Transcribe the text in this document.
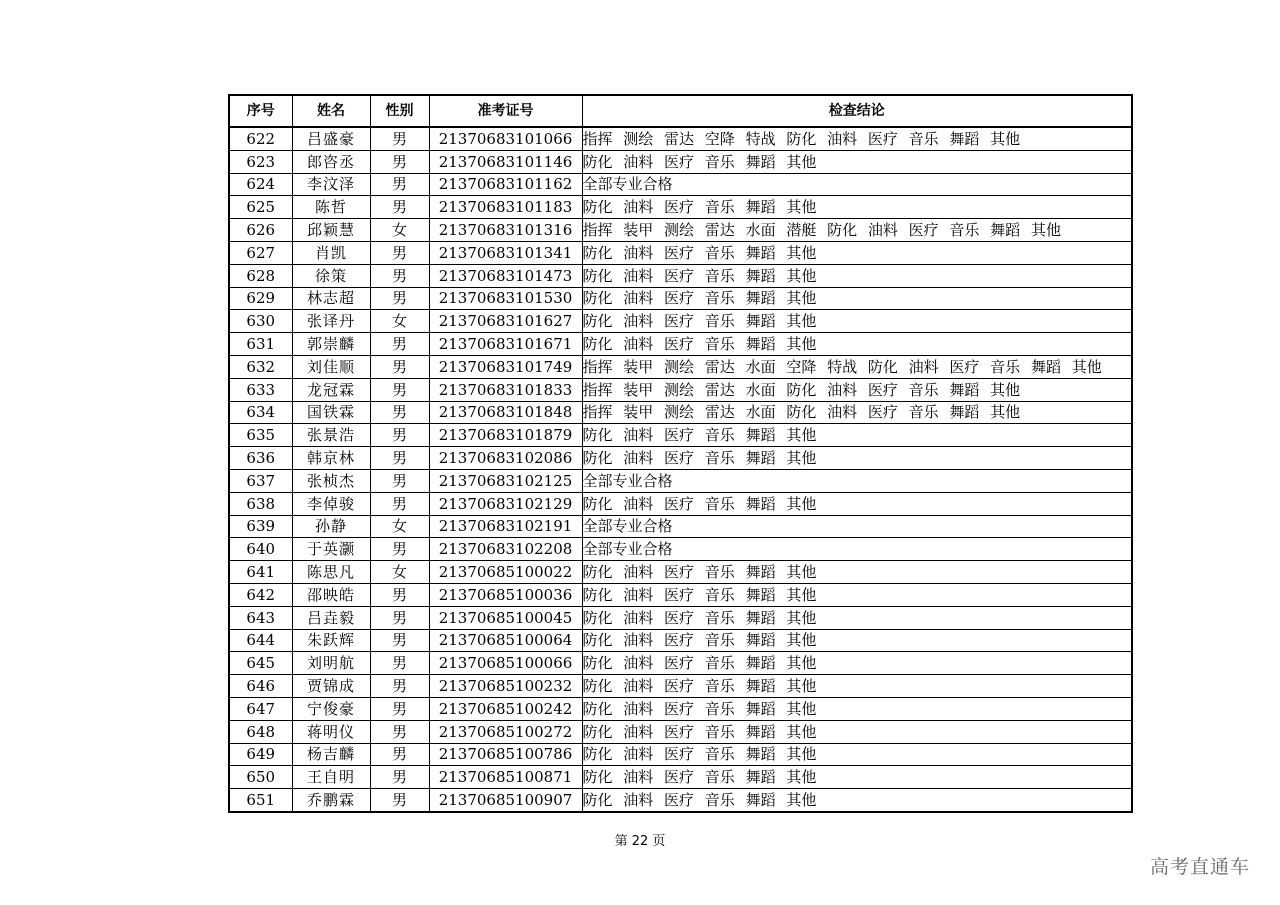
序号	姓名	性别	准考证号	检查结论
622	吕盛豪	男	21370683101066	指挥 测绘 雷达 空降 特战 防化 油料 医疗 音乐 舞蹈 其他
623	郎咨丞	男	21370683101146	防化 油料 医疗 音乐 舞蹈 其他
624	李汶泽	男	21370683101162	全部专业合格
625	陈哲	男	21370683101183	防化 油料 医疗 音乐 舞蹈 其他
626	邱颖慧	女	21370683101316	指挥 装甲 测绘 雷达 水面 潜艇 防化 油料 医疗 音乐 舞蹈 其他
627	肖凯	男	21370683101341	防化 油料 医疗 音乐 舞蹈 其他
628	徐策	男	21370683101473	防化 油料 医疗 音乐 舞蹈 其他
629	林志超	男	21370683101530	防化 油料 医疗 音乐 舞蹈 其他
630	张译丹	女	21370683101627	防化 油料 医疗 音乐 舞蹈 其他
631	郭崇麟	男	21370683101671	防化 油料 医疗 音乐 舞蹈 其他
632	刘佳顺	男	21370683101749	指挥 装甲 测绘 雷达 水面 空降 特战 防化 油料 医疗 音乐 舞蹈 其他
633	龙冠霖	男	21370683101833	指挥 装甲 测绘 雷达 水面 防化 油料 医疗 音乐 舞蹈 其他
634	国铁霖	男	21370683101848	指挥 装甲 测绘 雷达 水面 防化 油料 医疗 音乐 舞蹈 其他
635	张景浩	男	21370683101879	防化 油料 医疗 音乐 舞蹈 其他
636	韩京林	男	21370683102086	防化 油料 医疗 音乐 舞蹈 其他
637	张桢杰	男	21370683102125	全部专业合格
638	李倬骏	男	21370683102129	防化 油料 医疗 音乐 舞蹈 其他
639	孙静	女	21370683102191	全部专业合格
640	于英灏	男	21370683102208	全部专业合格
641	陈思凡	女	21370685100022	防化 油料 医疗 音乐 舞蹈 其他
642	邵映皓	男	21370685100036	防化 油料 医疗 音乐 舞蹈 其他
643	吕垚毅	男	21370685100045	防化 油料 医疗 音乐 舞蹈 其他
644	朱跃辉	男	21370685100064	防化 油料 医疗 音乐 舞蹈 其他
645	刘明航	男	21370685100066	防化 油料 医疗 音乐 舞蹈 其他
646	贾锦成	男	21370685100232	防化 油料 医疗 音乐 舞蹈 其他
647	宁俊豪	男	21370685100242	防化 油料 医疗 音乐 舞蹈 其他
648	蒋明仪	男	21370685100272	防化 油料 医疗 音乐 舞蹈 其他
649	杨吉麟	男	21370685100786	防化 油料 医疗 音乐 舞蹈 其他
650	王自明	男	21370685100871	防化 油料 医疗 音乐 舞蹈 其他
651	乔鹏霖	男	21370685100907	防化 油料 医疗 音乐 舞蹈 其他
第 22 页
高考直通车
